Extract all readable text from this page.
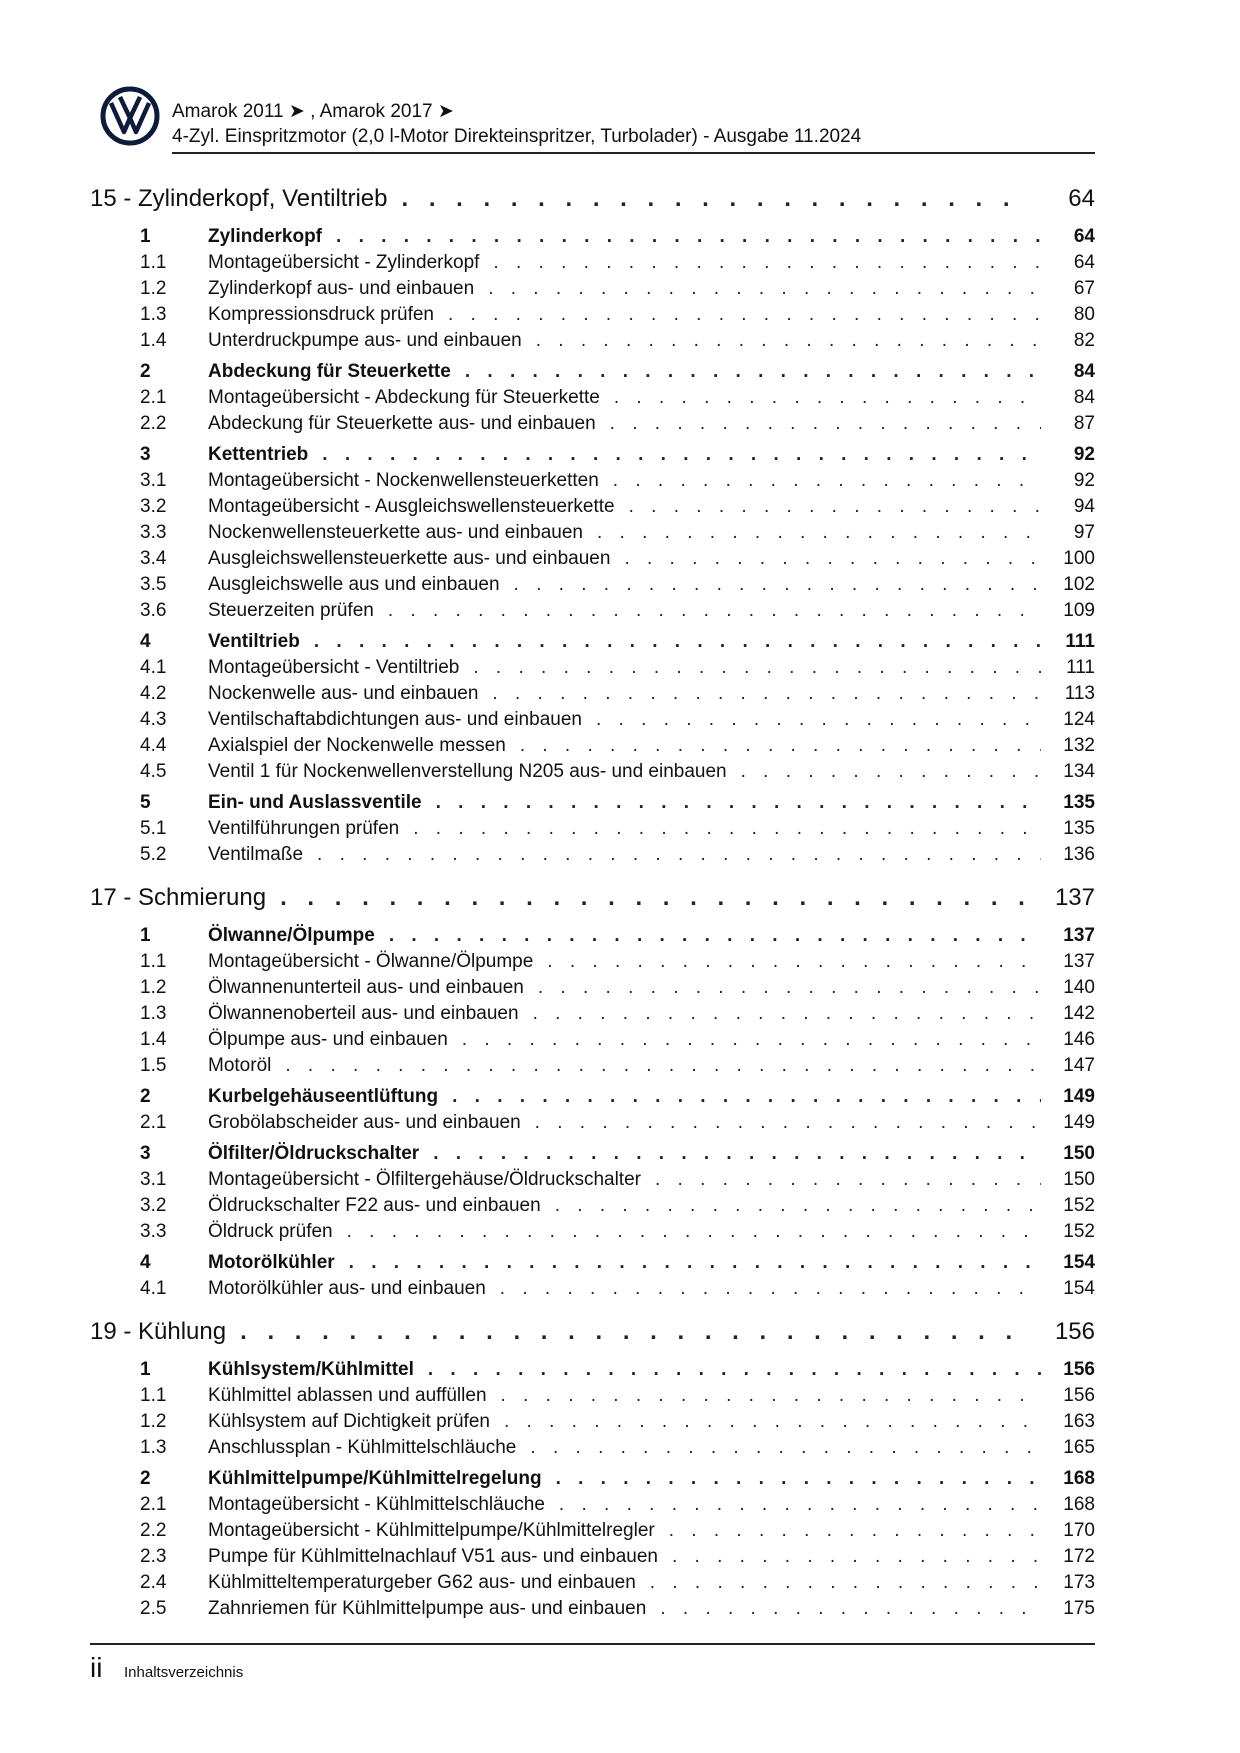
Amarok 2011 ➤ , Amarok 2017 ➤
4-Zyl. Einspritzmotor (2,0 l-Motor Direkteinspritzer, Turbolader) - Ausgabe 11.2024
15 - Zylinderkopf, Ventiltrieb . . .	64
1	Zylinderkopf . . .	64
1.1	Montageübersicht - Zylinderkopf . . .	64
1.2	Zylinderkopf aus- und einbauen . . .	67
1.3	Kompressionsdruck prüfen . . .	80
1.4	Unterdruckpumpe aus- und einbauen . . .	82
2	Abdeckung für Steuerkette . . .	84
2.1	Montageübersicht - Abdeckung für Steuerkette . . .	84
2.2	Abdeckung für Steuerkette aus- und einbauen . . .	87
3	Kettentrieb . . .	92
3.1	Montageübersicht - Nockenwellensteuerketten . . .	92
3.2	Montageübersicht - Ausgleichswellensteuerkette . . .	94
3.3	Nockenwellensteuerkette aus- und einbauen . . .	97
3.4	Ausgleichswellensteuerkette aus- und einbauen . . .	100
3.5	Ausgleichswelle aus und einbauen . . .	102
3.6	Steuerzeiten prüfen . . .	109
4	Ventiltrieb . . .	111
4.1	Montageübersicht - Ventiltrieb . . .	111
4.2	Nockenwelle aus- und einbauen . . .	113
4.3	Ventilschaftabdichtungen aus- und einbauen . . .	124
4.4	Axialspiel der Nockenwelle messen . . .	132
4.5	Ventil 1 für Nockenwellenverstellung N205 aus- und einbauen . . .	134
5	Ein- und Auslassventile . . .	135
5.1	Ventilführungen prüfen . . .	135
5.2	Ventilmaße . . .	136
17 - Schmierung . . .	137
1	Ölwanne/Ölpumpe . . .	137
1.1	Montageübersicht - Ölwanne/Ölpumpe . . .	137
1.2	Ölwannenunterteil aus- und einbauen . . .	140
1.3	Ölwannenoberteil aus- und einbauen . . .	142
1.4	Ölpumpe aus- und einbauen . . .	146
1.5	Motoröl . . .	147
2	Kurbelgehäuseentlüftung . . .	149
2.1	Grobölabscheider aus- und einbauen . . .	149
3	Ölfilter/Öldruckschalter . . .	150
3.1	Montageübersicht - Ölfiltergehäuse/Öldruckschalter . . .	150
3.2	Öldruckschalter F22 aus- und einbauen . . .	152
3.3	Öldruck prüfen . . .	152
4	Motorölkühler . . .	154
4.1	Motorölkühler aus- und einbauen . . .	154
19 - Kühlung . . .	156
1	Kühlsystem/Kühlmittel . . .	156
1.1	Kühlmittel ablassen und auffüllen . . .	156
1.2	Kühlsystem auf Dichtigkeit prüfen . . .	163
1.3	Anschlussplan - Kühlmittelschläuche . . .	165
2	Kühlmittelpumpe/Kühlmittelregelung . . .	168
2.1	Montageübersicht - Kühlmittelschläuche . . .	168
2.2	Montageübersicht - Kühlmittelpumpe/Kühlmittelregler . . .	170
2.3	Pumpe für Kühlmittelnachlauf V51 aus- und einbauen . . .	172
2.4	Kühlmitteltemperaturgeber G62 aus- und einbauen . . .	173
2.5	Zahnriemen für Kühlmittelpumpe aus- und einbauen . . .	175
ii Inhaltsverzeichnis
